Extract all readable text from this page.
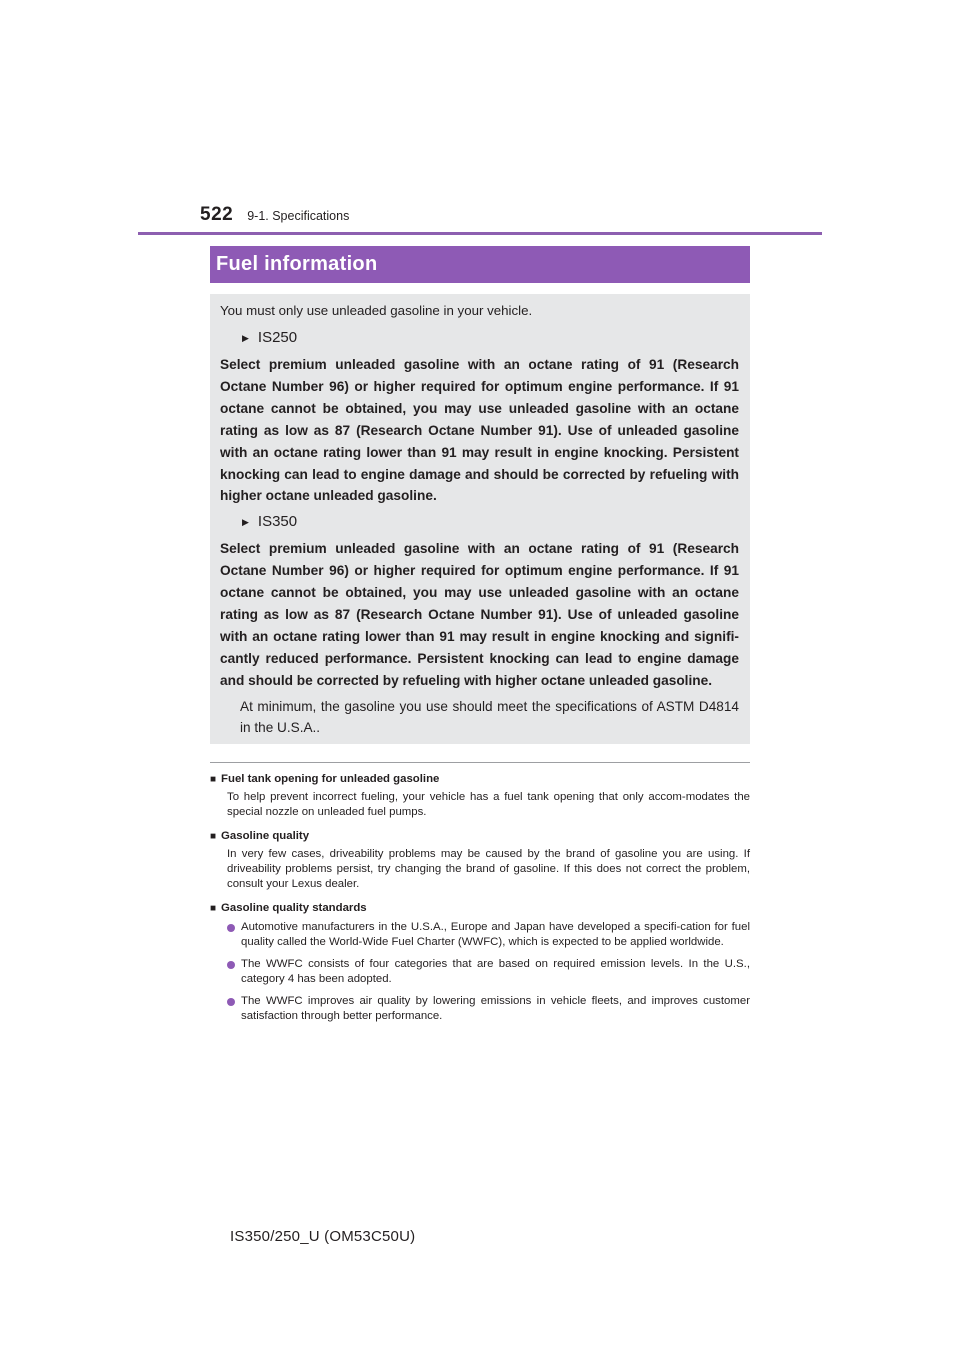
522 9-1. Specifications
Fuel information

You must only use unleaded gasoline in your vehicle.

▶ IS250

Select premium unleaded gasoline with an octane rating of 91 (Research Octane Number 96) or higher required for optimum engine performance. If 91 octane cannot be obtained, you may use unleaded gasoline with an octane rating as low as 87 (Research Octane Number 91). Use of unleaded gasoline with an octane rating lower than 91 may result in engine knocking. Persistent knocking can lead to engine damage and should be corrected by refueling with higher octane unleaded gasoline.

▶ IS350

Select premium unleaded gasoline with an octane rating of 91 (Research Octane Number 96) or higher required for optimum engine performance. If 91 octane cannot be obtained, you may use unleaded gasoline with an octane rating as low as 87 (Research Octane Number 91). Use of unleaded gasoline with an octane rating lower than 91 may result in engine knocking and signifi-cantly reduced performance. Persistent knocking can lead to engine damage and should be corrected by refueling with higher octane unleaded gasoline.

At minimum, the gasoline you use should meet the specifications of ASTM D4814 in the U.S.A..

■ Fuel tank opening for unleaded gasoline

To help prevent incorrect fueling, your vehicle has a fuel tank opening that only accom-modates the special nozzle on unleaded fuel pumps.

■ Gasoline quality

In very few cases, driveability problems may be caused by the brand of gasoline you are using. If driveability problems persist, try changing the brand of gasoline. If this does not correct the problem, consult your Lexus dealer.

■ Gasoline quality standards

Automotive manufacturers in the U.S.A., Europe and Japan have developed a specifi-cation for fuel quality called the World-Wide Fuel Charter (WWFC), which is expected to be applied worldwide.
The WWFC consists of four categories that are based on required emission levels. In the U.S., category 4 has been adopted.
The WWFC improves air quality by lowering emissions in vehicle fleets, and improves customer satisfaction through better performance.
IS350/250_U (OM53C50U)
